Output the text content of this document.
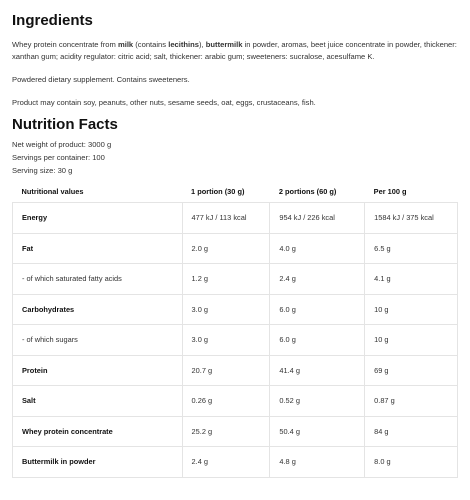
Ingredients

Whey protein concentrate from milk (contains lecithins), buttermilk in powder, aromas, beet juice concentrate in powder, thickener: xanthan gum; acidity regulator: citric acid; salt, thickener: arabic gum; sweeteners: sucralose, acesulfame K.

Powdered dietary supplement. Contains sweeteners.

Product may contain soy, peanuts, other nuts, sesame seeds, oat, eggs, crustaceans, fish.

Nutrition Facts
Net weight of product: 3000 g
Servings per container: 100
Serving size: 30 g
Nutritional values	1 portion (30 g)	2 portions (60 g)	Per 100 g
Energy	477 kJ / 113 kcal	954 kJ / 226 kcal	1584 kJ / 375 kcal
Fat	2.0 g	4.0 g	6.5 g
- of which saturated fatty acids	1.2 g	2.4 g	4.1 g
Carbohydrates	3.0 g	6.0 g	10 g
- of which sugars	3.0 g	6.0 g	10 g
Protein	20.7 g	41.4 g	69 g
Salt	0.26 g	0.52 g	0.87 g
Whey protein concentrate	25.2 g	50.4 g	84 g
Buttermilk in powder	2.4 g	4.8 g	8.0 g
